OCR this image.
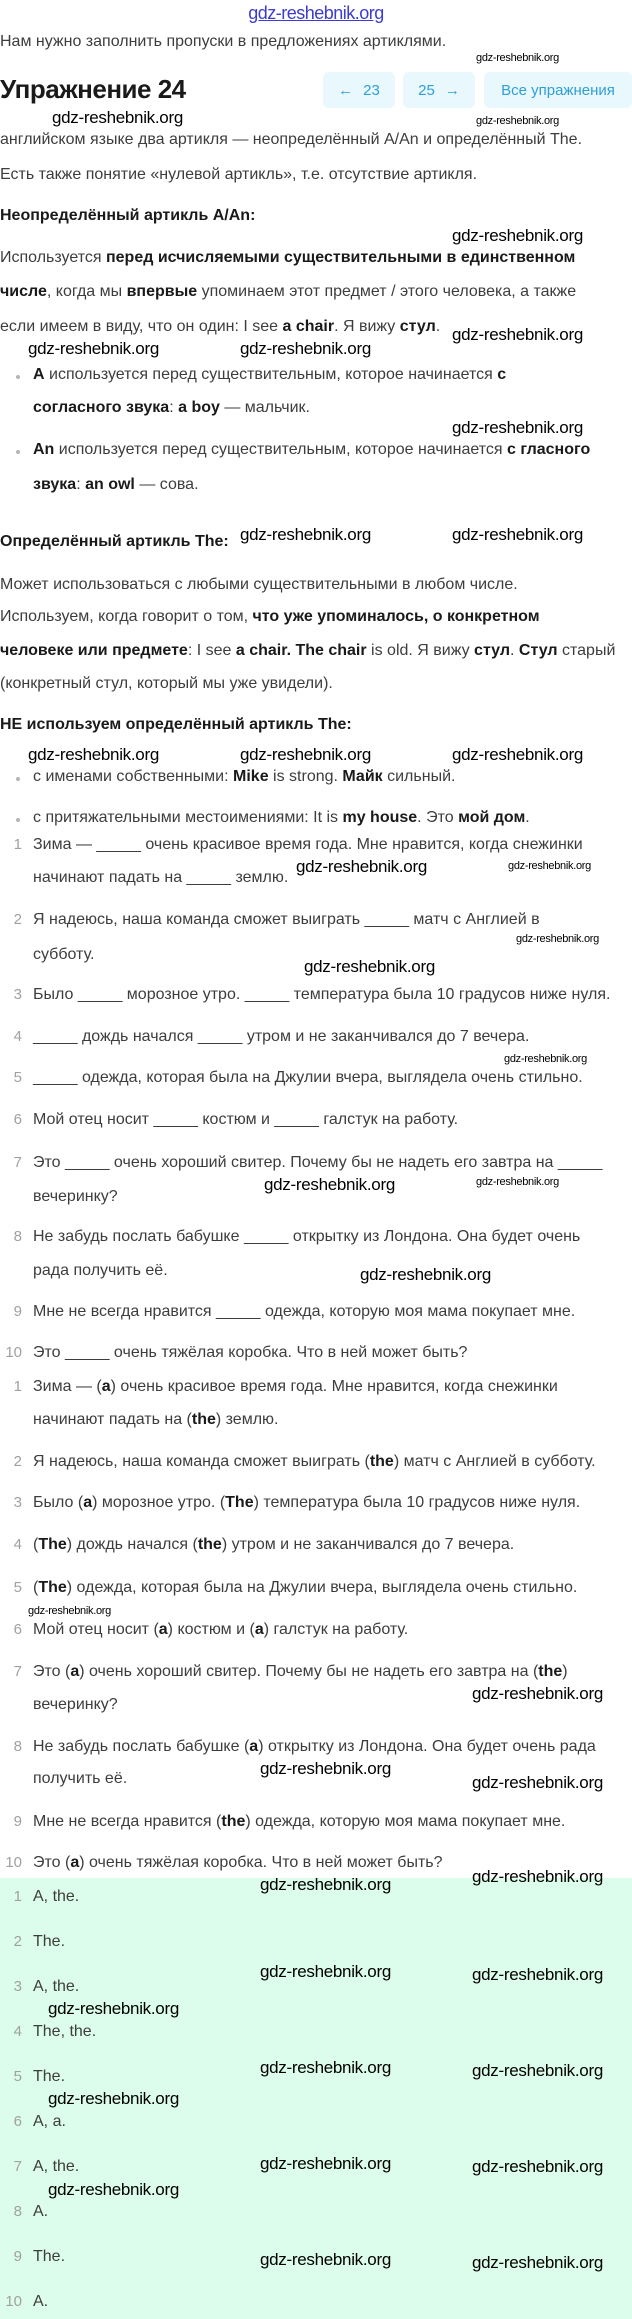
gdz-reshebnik.org
Нам нужно заполнить пропуски в предложениях артиклями.
Упражнение 24	← 23	25 →	Все упражнения
английском языке два артикля — неопределённый A/An и определённый The.
Есть также понятие «нулевой артикль», т.е. отсутствие артикля.
Неопределённый артикль A/An:
Используется перед исчисляемыми существительными в единственном
числе, когда мы впервые упоминаем этот предмет / этого человека, а также
если имеем в виду, что он один: I see a chair. Я вижу стул.
A используется перед существительным, которое начинается с
согласного звука: a boy — мальчик.
An используется перед существительным, которое начинается с гласного
звука: an owl — сова.
Определённый артикль The:
Может использоваться с любыми существительными в любом числе.
Используем, когда говорит о том, что уже упоминалось, о конкретном
человеке или предмете: I see a chair. The chair is old. Я вижу стул. Стул старый
(конкретный стул, который мы уже увидели).
НЕ используем определённый артикль The:
с именами собственными: Mike is strong. Майк сильный.
с притяжательными местоимениями: It is my house. Это мой дом.
1 Зима — _____ очень красивое время года. Мне нравится, когда снежинки
начинают падать на _____ землю.
2 Я надеюсь, наша команда сможет выиграть _____ матч с Англией в
субботу.
3 Было _____ морозное утро. _____ температура была 10 градусов ниже нуля.
4 _____ дождь начался _____ утром и не заканчивался до 7 вечера.
5 _____ одежда, которая была на Джулии вчера, выглядела очень стильно.
6 Мой отец носит _____ костюм и _____ галстук на работу.
7 Это _____ очень хороший свитер. Почему бы не надеть его завтра на _____
вечеринку?
8 Не забудь послать бабушке _____ открытку из Лондона. Она будет очень
рада получить её.
9 Мне не всегда нравится _____ одежда, которую моя мама покупает мне.
10 Это _____ очень тяжёлая коробка. Что в ней может быть?
1 Зима — (a) очень красивое время года. Мне нравится, когда снежинки
начинают падать на (the) землю.
2 Я надеюсь, наша команда сможет выиграть (the) матч с Англией в субботу.
3 Было (a) морозное утро. (The) температура была 10 градусов ниже нуля.
4 (The) дождь начался (the) утром и не заканчивался до 7 вечера.
5 (The) одежда, которая была на Джулии вчера, выглядела очень стильно.
6 Мой отец носит (a) костюм и (a) галстук на работу.
7 Это (a) очень хороший свитер. Почему бы не надеть его завтра на (the)
вечеринку?
8 Не забудь послать бабушке (a) открытку из Лондона. Она будет очень рада
получить её.
9 Мне не всегда нравится (the) одежда, которую моя мама покупает мне.
10 Это (a) очень тяжёлая коробка. Что в ней может быть?
1 A, the.
2 The.
3 A, the.
4 The, the.
5 The.
6 A, a.
7 A, the.
8 A.
9 The.
10 A.
gdz-reshebnik.org
gdz-reshebnik.org	gdz-reshebnik.org
gdz-reshebnik.org
gdz-reshebnik.org
gdz-reshebnik.org
gdz-reshebnik.org
gdz-reshebnik.org
gdz-reshebnik.org	gdz-reshebnik.org
gdz-reshebnik.org	gdz-reshebnik.org	gdz-reshebnik.org
gdz-reshebnik.org	gdz-reshebnik.org
gdz-reshebnik.org
gdz-reshebnik.org
gdz-reshebnik.org
gdz-reshebnik.org	gdz-reshebnik.org
gdz-reshebnik.org
gdz-reshebnik.org
gdz-reshebnik.org
gdz-reshebnik.org
gdz-reshebnik.org
gdz-reshebnik.org	gdz-reshebnik.org
gdz-reshebnik.org	gdz-reshebnik.org
gdz-reshebnik.org
gdz-reshebnik.org	gdz-reshebnik.org
gdz-reshebnik.org
gdz-reshebnik.org	gdz-reshebnik.org
gdz-reshebnik.org
gdz-reshebnik.org	gdz-reshebnik.org
